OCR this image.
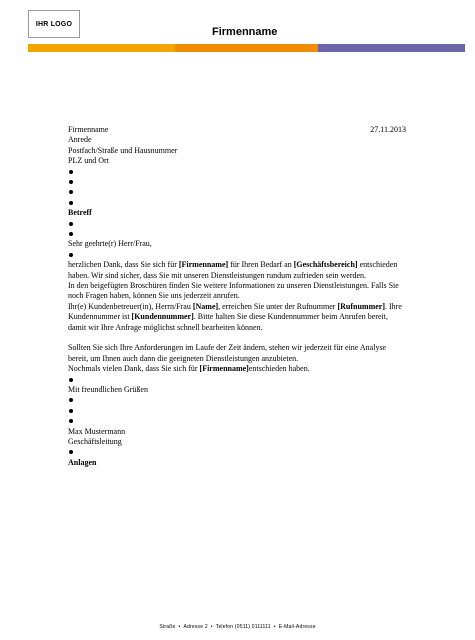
IHR LOGO
Firmenname
Firmenname	27.11.2013
Anrede
Postfach/Straße und Hausnummer
PLZ und Ort
Betreff
Sehr geehrte(r) Herr/Frau,
herzlichen Dank, dass Sie sich für [Firmenname] für Ihren Bedarf an [Geschäftsbereich] entschieden haben. Wir sind sicher, dass Sie mit unseren Dienstleistungen rundum zufrieden sein werden.
In den beigefügten Broschüren finden Sie weitere Informationen zu unseren Dienstleistungen. Falls Sie noch Fragen haben, können Sie uns jederzeit anrufen.
Ihr(e) Kundenbetreuer(in), Herrn/Frau [Name], erreichen Sie unter der Rufnummer [Rufnummer]. Ihre Kundennummer ist [Kundennummer]. Bitte halten Sie diese Kundennummer beim Anrufen bereit, damit wir Ihre Anfrage möglichst schnell bearbeiten können.
Sollten Sie sich Ihre Anforderungen im Laufe der Zeit ändern, stehen wir jederzeit für eine Analyse bereit, um Ihnen auch dann die geeigneten Dienstleistungen anzubieten.
Nochmals vielen Dank, dass Sie sich für [Firmenname]entschieden haben.
Mit freundlichen Grüßen
Max Mustermann
Geschäftsleitung
Anlagen
Straße • Adresse 2 • Telefon (0511) 0111111 • E-Mail-Adresse
